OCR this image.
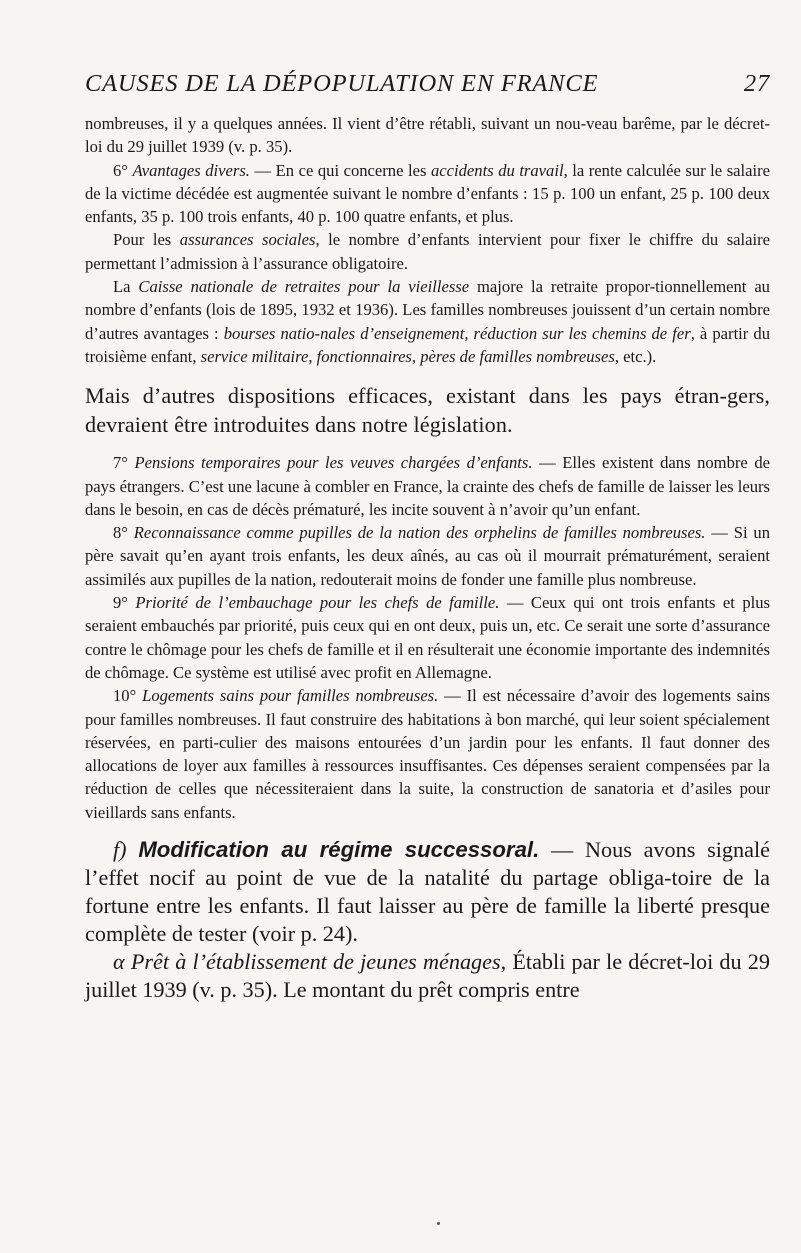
CAUSES DE LA DÉPOPULATION EN FRANCE	27

nombreuses, il y a quelques années. Il vient d’être rétabli, suivant un nou-veau barême, par le décret-loi du 29 juillet 1939 (v. p. 35).

6° Avantages divers. — En ce qui concerne les accidents du travail, la rente calculée sur le salaire de la victime décédée est augmentée suivant le nombre d’enfants : 15 p. 100 un enfant, 25 p. 100 deux enfants, 35 p. 100 trois enfants, 40 p. 100 quatre enfants, et plus.

Pour les assurances sociales, le nombre d’enfants intervient pour fixer le chiffre du salaire permettant l’admission à l’assurance obligatoire.

La Caisse nationale de retraites pour la vieillesse majore la retraite propor-tionnellement au nombre d’enfants (lois de 1895, 1932 et 1936). Les familles nombreuses jouissent d’un certain nombre d’autres avantages : bourses natio-nales d’enseignement, réduction sur les chemins de fer, à partir du troisième enfant, service militaire, fonctionnaires, pères de familles nombreuses, etc.).

Mais d’autres dispositions efficaces, existant dans les pays étran-gers, devraient être introduites dans notre législation.

7° Pensions temporaires pour les veuves chargées d’enfants. — Elles existent dans nombre de pays étrangers. C’est une lacune à combler en France, la crainte des chefs de famille de laisser les leurs dans le besoin, en cas de décès prématuré, les incite souvent à n’avoir qu’un enfant.

8° Reconnaissance comme pupilles de la nation des orphelins de familles nombreuses. — Si un père savait qu’en ayant trois enfants, les deux aînés, au cas où il mourrait prématurément, seraient assimilés aux pupilles de la nation, redouterait moins de fonder une famille plus nombreuse.

9° Priorité de l’embauchage pour les chefs de famille. — Ceux qui ont trois enfants et plus seraient embauchés par priorité, puis ceux qui en ont deux, puis un, etc. Ce serait une sorte d’assurance contre le chômage pour les chefs de famille et il en résulterait une économie importante des indemnités de chômage. Ce système est utilisé avec profit en Allemagne.

10° Logements sains pour familles nombreuses. — Il est nécessaire d’avoir des logements sains pour familles nombreuses. Il faut construire des habitations à bon marché, qui leur soient spécialement réservées, en parti-culier des maisons entourées d’un jardin pour les enfants. Il faut donner des allocations de loyer aux familles à ressources insuffisantes. Ces dépenses seraient compensées par la réduction de celles que nécessiteraient dans la suite, la construction de sanatoria et d’asiles pour vieillards sans enfants.

f) Modification au régime successoral. — Nous avons signalé l’effet nocif au point de vue de la natalité du partage obliga-toire de la fortune entre les enfants. Il faut laisser au père de famille la liberté presque complète de tester (voir p. 24).

α Prêt à l’établissement de jeunes ménages, Établi par le décret-loi du 29 juillet 1939 (v. p. 35). Le montant du prêt compris entre
